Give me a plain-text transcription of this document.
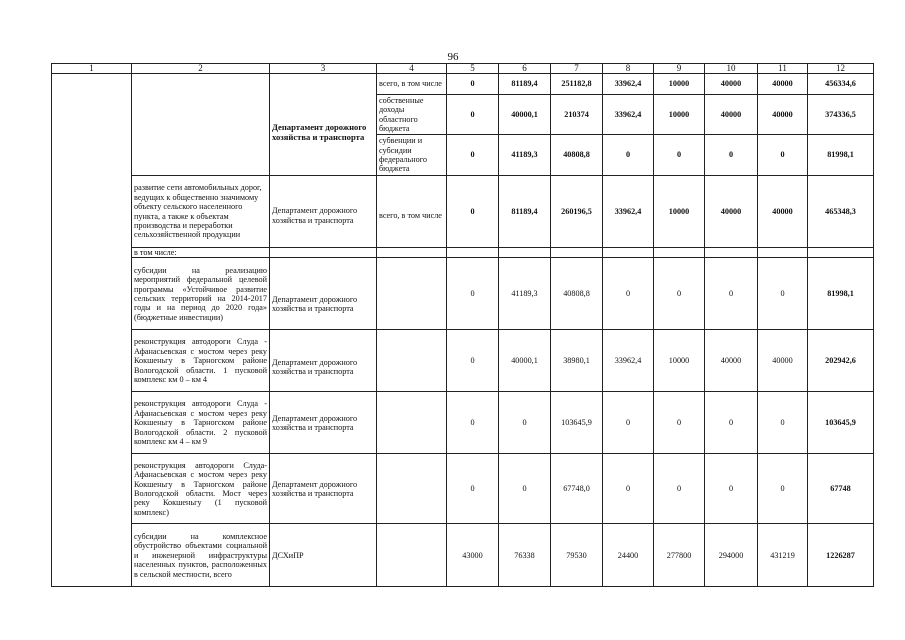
96
1	2	3	4	5	6	7	8	9	10	11	12

		Департамент дорожного хозяйства и транспорта	всего, в том числе	0	81189,4	251182,8	33962,4	10000	40000	40000	456334,6
			собственные доходы областного бюджета	0	40000,1	210374	33962,4	10000	40000	40000	374336,5
			субвенции и субсидии федерального бюджета	0	41189,3	40808,8	0	0	0	0	81998,1
	развитие сети автомобильных дорог, ведущих к общественно значимому объекту сельского населенного пункта, а также к объектам производства и переработки сельхозяйственной продукции	Департамент дорожного хозяйства и транспорта	всего, в том числе	0	81189,4	260196,5	33962,4	10000	40000	40000	465348,3
	в том числе:										
	субсидии на реализацию мероприятий федеральной целевой программы «Устойчивое развитие сельских территорий на 2014-2017 годы и на период до 2020 года» (бюджетные инвестиции)	Департамент дорожного хозяйства и транспорта		0	41189,3	40808,8	0	0	0	0	81998,1
	реконструкция автодороги Слуда - Афанасьевская с мостом через реку Кокшеньгу в Тарногском районе Вологодской области. 1 пусковой комплекс км 0 – км 4	Департамент дорожного хозяйства и транспорта		0	40000,1	38980,1	33962,4	10000	40000	40000	202942,6
	реконструкция автодороги Слуда - Афанасьевская с мостом через реку Кокшеньгу в Тарногском районе Вологодской области. 2 пусковой комплекс км 4 – км 9	Департамент дорожного хозяйства и транспорта		0	0	103645,9	0	0	0	0	103645,9
	реконструкция автодороги Слуда-Афанасьевская с мостом через реку Кокшеньгу в Тарногском районе Вологодской области. Мост через реку Кокшеньгу (1 пусковой комплекс)	Департамент дорожного хозяйства и транспорта		0	0	67748,0	0	0	0	0	67748
	субсидии на комплексное обустройство объектами социальной и инженерной инфраструктуры населенных пунктов, расположенных в сельской местности, всего	ДСХиПР		43000	76338	79530	24400	277800	294000	431219	1226287
